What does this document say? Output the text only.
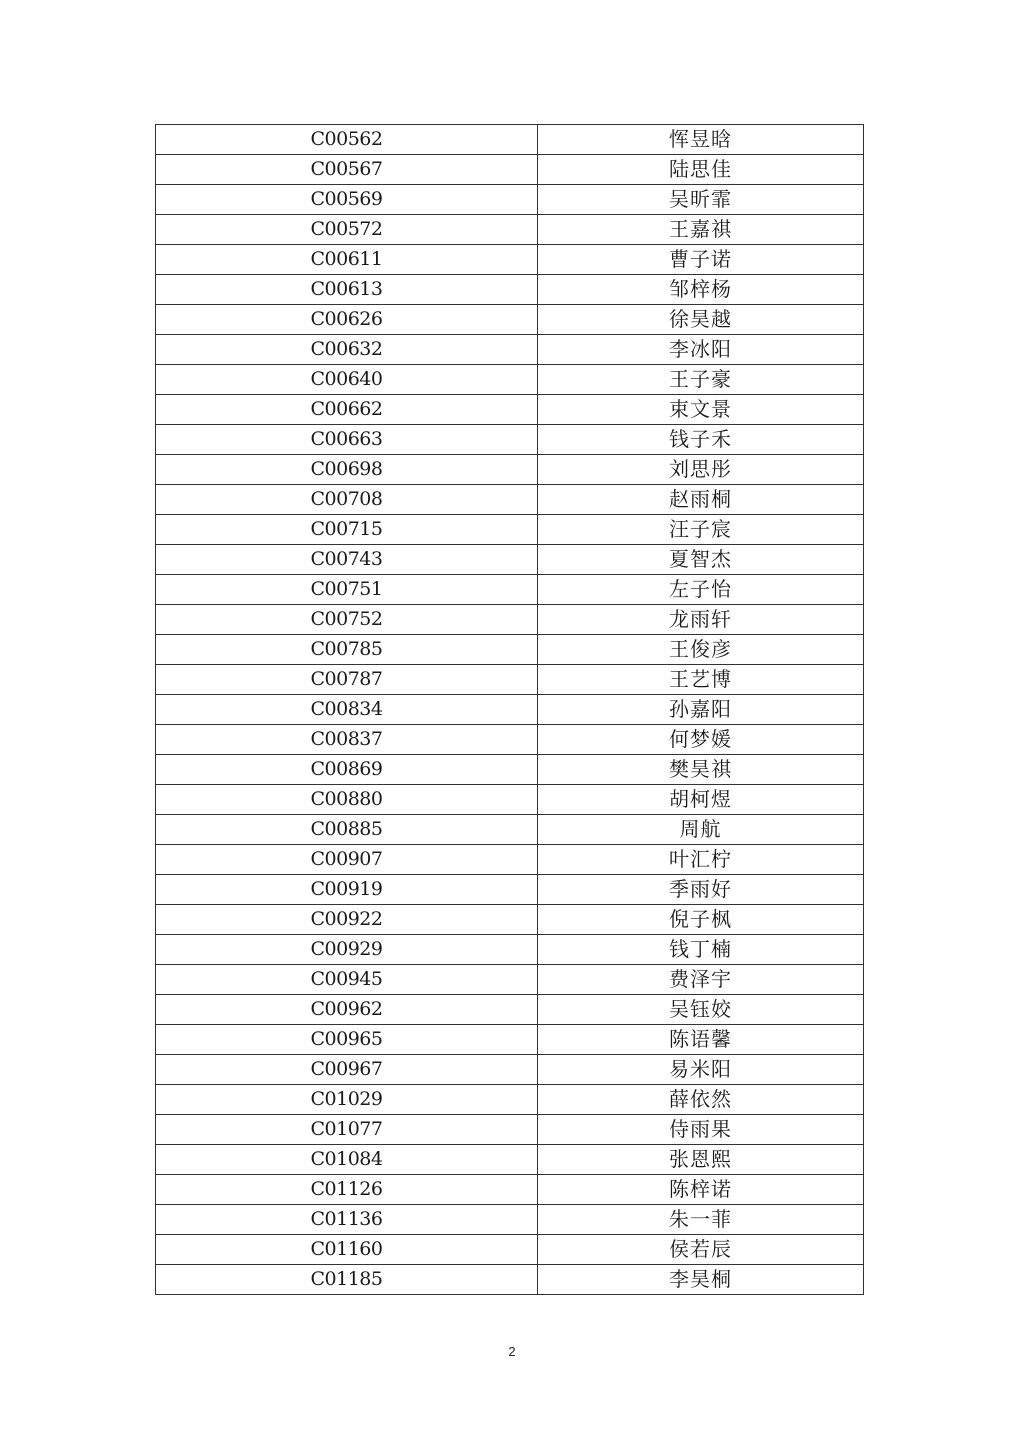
C00562	恽昱晗
C00567	陆思佳
C00569	吴昕霏
C00572	王嘉祺
C00611	曹子诺
C00613	邹梓杨
C00626	徐昊越
C00632	李冰阳
C00640	王子豪
C00662	束文景
C00663	钱子禾
C00698	刘思彤
C00708	赵雨桐
C00715	汪子宸
C00743	夏智杰
C00751	左子怡
C00752	龙雨轩
C00785	王俊彦
C00787	王艺博
C00834	孙嘉阳
C00837	何梦媛
C00869	樊昊祺
C00880	胡柯煜
C00885	周航
C00907	叶汇柠
C00919	季雨好
C00922	倪子枫
C00929	钱丁楠
C00945	费泽宇
C00962	吴钰姣
C00965	陈语馨
C00967	易米阳
C01029	薛依然
C01077	侍雨果
C01084	张恩熙
C01126	陈梓诺
C01136	朱一菲
C01160	侯若辰
C01185	李昊桐
2
